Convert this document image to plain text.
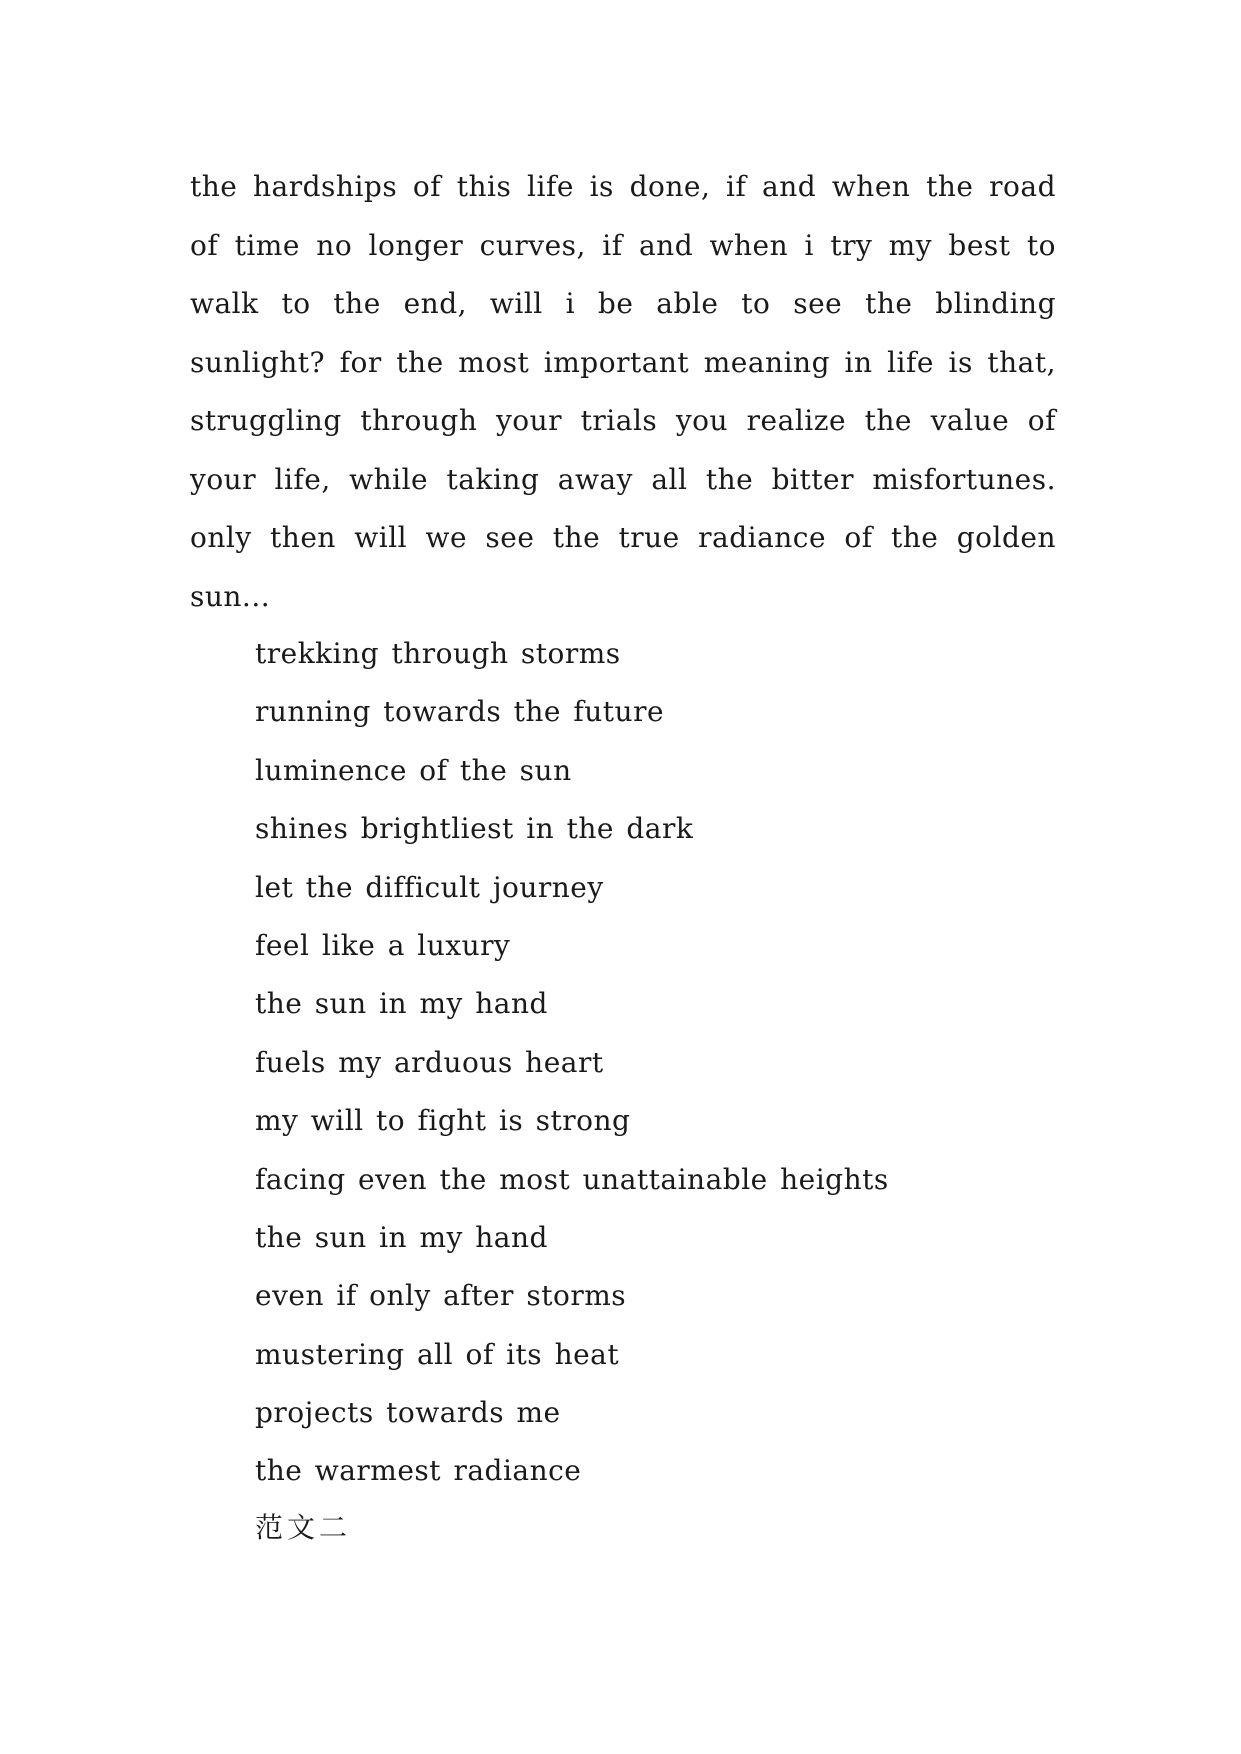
the hardships of this life is done, if and when the road of time no longer curves, if and when i try my best to walk to the end, will i be able to see the blinding sunlight? for the most important meaning in life is that, struggling through your trials you realize the value of your life, while taking away all the bitter misfortunes. only then will we see the true radiance of the golden sun...

trekking through storms
running towards the future
luminence of the sun
shines brightliest in the dark
let the difficult journey
feel like a luxury
the sun in my hand
fuels my arduous heart
my will to fight is strong
facing even the most unattainable heights
the sun in my hand
even if only after storms
mustering all of its heat
projects towards me
the warmest radiance

范文二
